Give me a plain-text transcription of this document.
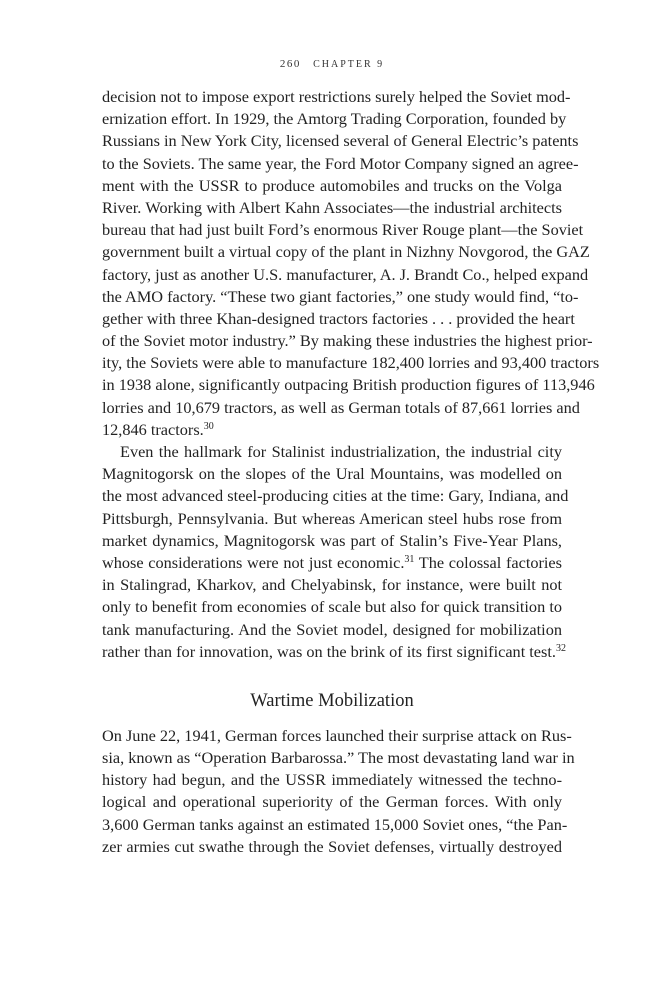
260 CHAPTER 9
decision not to impose export restrictions surely helped the Soviet mod-
ernization effort. In 1929, the Amtorg Trading Corporation, founded by
Russians in New York City, licensed several of General Electric’s patents
to the Soviets. The same year, the Ford Motor Company signed an agree-
ment with the USSR to produce automobiles and trucks on the Volga
River. Working with Albert Kahn Associates—the industrial architects
bureau that had just built Ford’s enormous River Rouge plant—the Soviet
government built a virtual copy of the plant in Nizhny Novgorod, the GAZ
factory, just as another U.S. manufacturer, A. J. Brandt Co., helped expand
the AMO factory. “These two giant factories,” one study would find, “to-
gether with three Khan-designed tractors factories . . . provided the heart
of the Soviet motor industry.” By making these industries the highest prior-
ity, the Soviets were able to manufacture 182,400 lorries and 93,400 tractors
in 1938 alone, significantly outpacing British production figures of 113,946
lorries and 10,679 tractors, as well as German totals of 87,661 lorries and
12,846 tractors.$^{30}$
Even the hallmark for Stalinist industrialization, the industrial city
Magnitogorsk on the slopes of the Ural Mountains, was modelled on
the most advanced steel-producing cities at the time: Gary, Indiana, and
Pittsburgh, Pennsylvania. But whereas American steel hubs rose from
market dynamics, Magnitogorsk was part of Stalin’s Five-Year Plans,
whose considerations were not just economic.$^{31}$ The colossal factories
in Stalingrad, Kharkov, and Chelyabinsk, for instance, were built not
only to benefit from economies of scale but also for quick transition to
tank manufacturing. And the Soviet model, designed for mobilization
rather than for innovation, was on the brink of its first significant test.$^{32}$
Wartime Mobilization
On June 22, 1941, German forces launched their surprise attack on Rus-
sia, known as “Operation Barbarossa.” The most devastating land war in
history had begun, and the USSR immediately witnessed the techno-
logical and operational superiority of the German forces. With only
3,600 German tanks against an estimated 15,000 Soviet ones, “the Pan-
zer armies cut swathe through the Soviet defenses, virtually destroyed
